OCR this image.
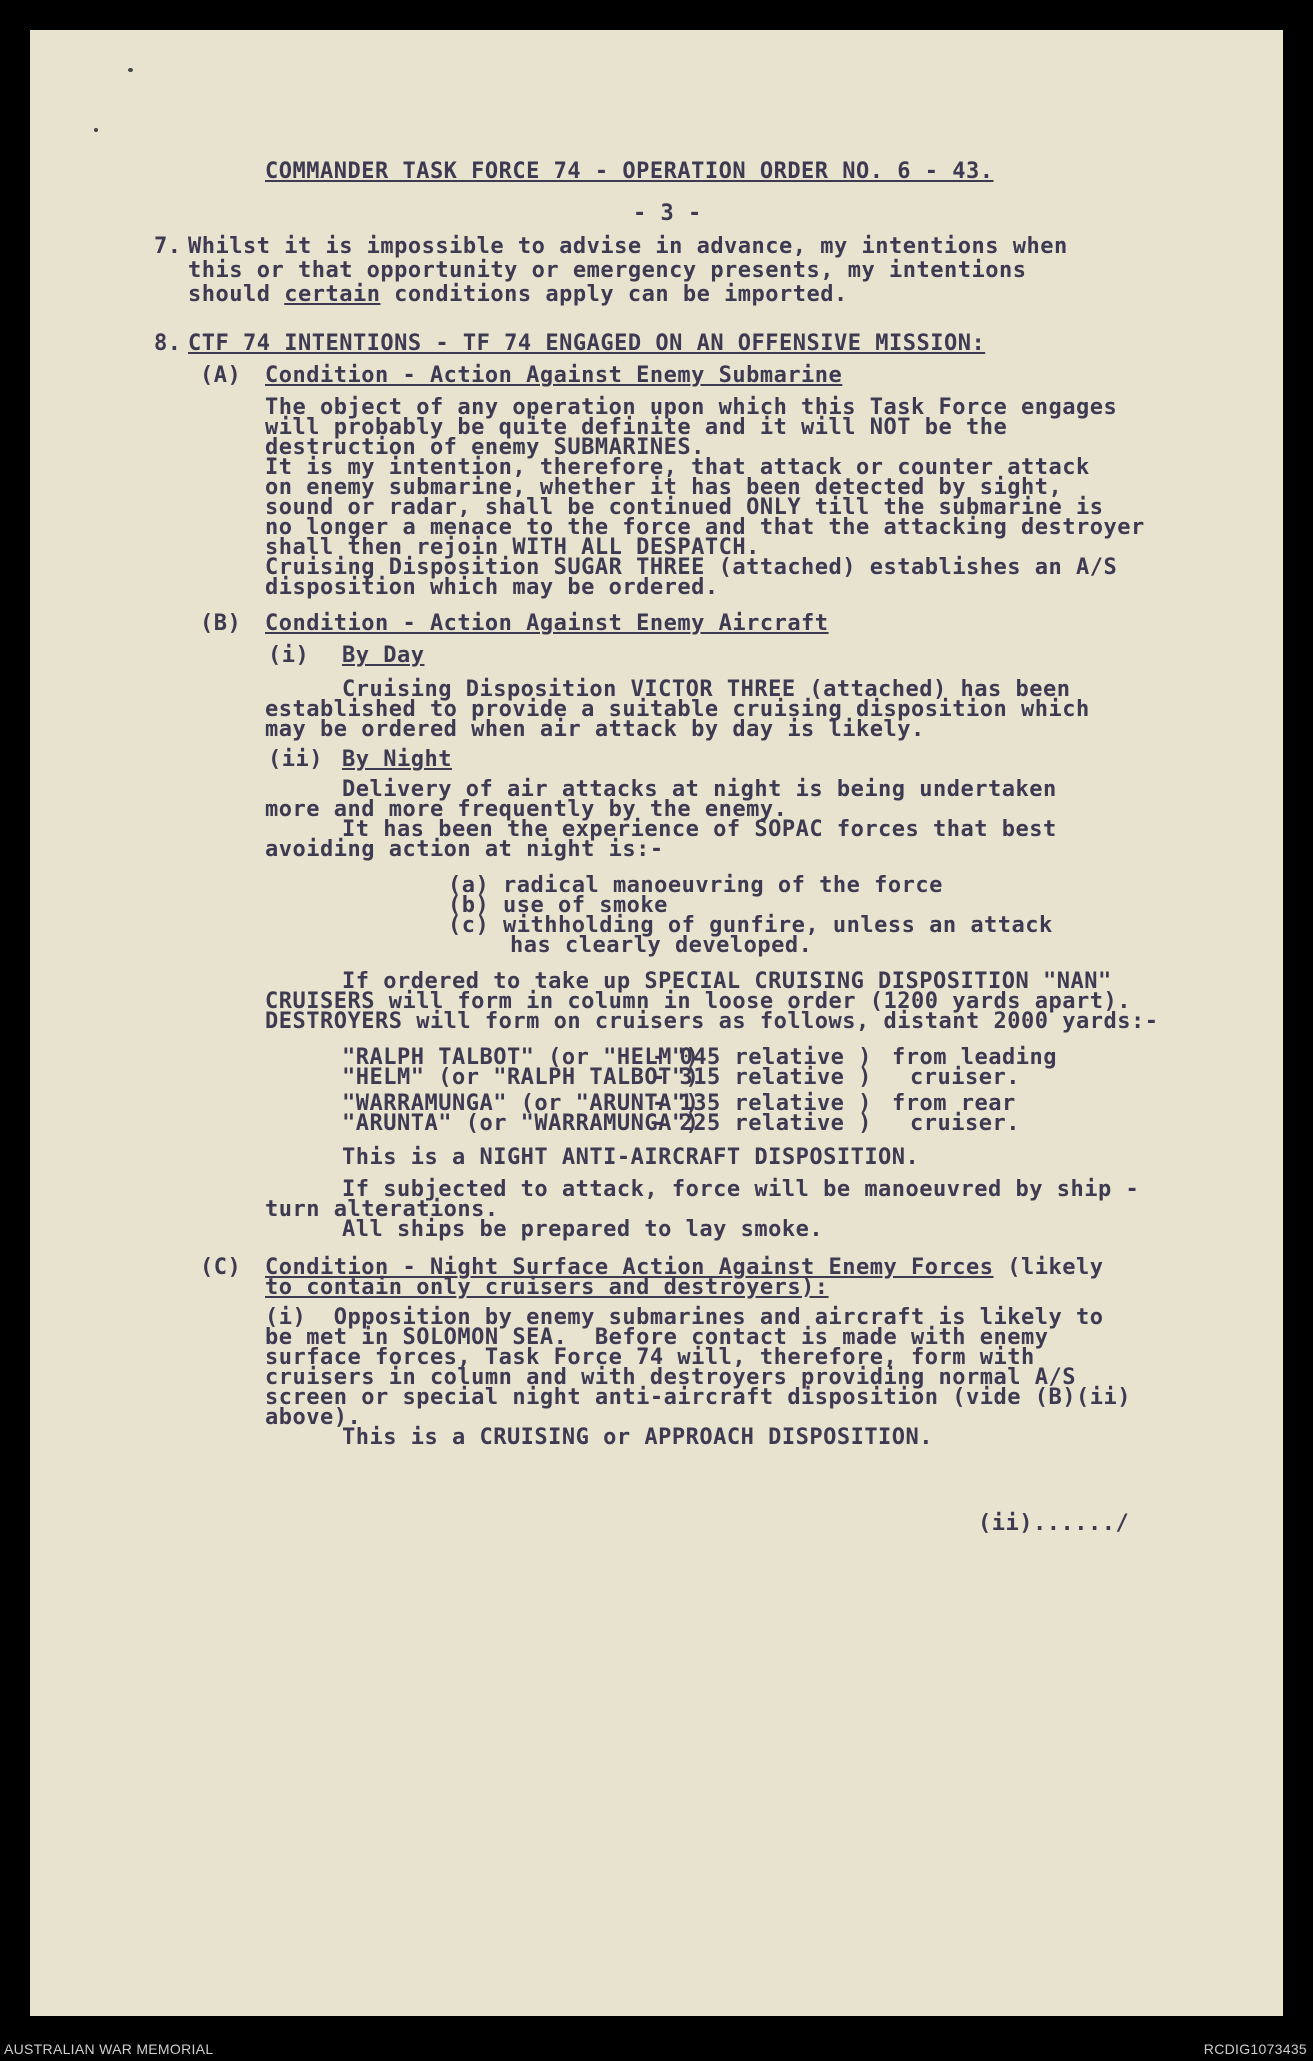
COMMANDER TASK FORCE 74 - OPERATION ORDER NO. 6 - 43.
- 3 -
7. Whilst it is impossible to advise in advance, my intentions when
this or that opportunity or emergency presents, my intentions
should certain conditions apply can be imported.
8. CTF 74 INTENTIONS - TF 74 ENGAGED ON AN OFFENSIVE MISSION:
(A) Condition - Action Against Enemy Submarine
The object of any operation upon which this Task Force engages
will probably be quite definite and it will NOT be the
destruction of enemy SUBMARINES.
It is my intention, therefore, that attack or counter attack
on enemy submarine, whether it has been detected by sight,
sound or radar, shall be continued ONLY till the submarine is
no longer a menace to the force and that the attacking destroyer
shall then rejoin WITH ALL DESPATCH.
Cruising Disposition SUGAR THREE (attached) establishes an A/S
disposition which may be ordered.
(B) Condition - Action Against Enemy Aircraft
(i) By Day
Cruising Disposition VICTOR THREE (attached) has been
established to provide a suitable cruising disposition which
may be ordered when air attack by day is likely.
(ii) By Night
Delivery of air attacks at night is being undertaken
more and more frequently by the enemy.
It has been the experience of SOPAC forces that best
avoiding action at night is:-
(a) radical manoeuvring of the force
(b) use of smoke
(c) withholding of gunfire, unless an attack
has clearly developed.
If ordered to take up SPECIAL CRUISING DISPOSITION "NAN"
CRUISERS will form in column in loose order (1200 yards apart).
DESTROYERS will form on cruisers as follows, distant 2000 yards:-
"RALPH TALBOT" (or "HELM")
- 045 relative ) from leading
"HELM" (or "RALPH TALBOT")
- 315 relative ) cruiser.
"WARRAMUNGA" (or "ARUNTA")
- 135 relative ) from rear
"ARUNTA" (or "WARRAMUNGA")
- 225 relative ) cruiser.
This is a NIGHT ANTI-AIRCRAFT DISPOSITION.
If subjected to attack, force will be manoeuvred by ship -
turn alterations.
All ships be prepared to lay smoke.
(C) Condition - Night Surface Action Against Enemy Forces (likely
to contain only cruisers and destroyers):
(i)  Opposition by enemy submarines and aircraft is likely to
be met in SOLOMON SEA.  Before contact is made with enemy
surface forces, Task Force 74 will, therefore, form with
cruisers in column and with destroyers providing normal A/S
screen or special night anti-aircraft disposition (vide (B)(ii)
above).
This is a CRUISING or APPROACH DISPOSITION.
(ii)....../
AUSTRALIAN WAR MEMORIAL	RCDIG1073435
